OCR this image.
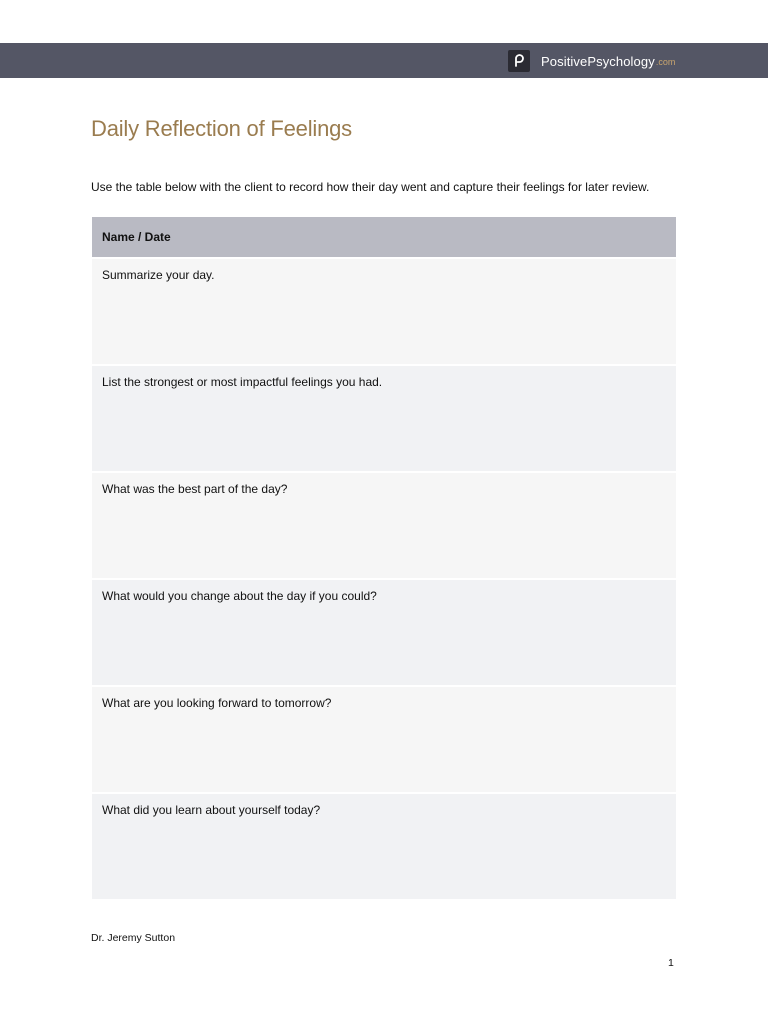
PositivePsychology .com
Daily Reflection of Feelings
Use the table below with the client to record how their day went and capture their feelings for later review.
Name / Date
Summarize your day.
List the strongest or most impactful feelings you had.
What was the best part of the day?
What would you change about the day if you could?
What are you looking forward to tomorrow?
What did you learn about yourself today?
Dr. Jeremy Sutton
1
